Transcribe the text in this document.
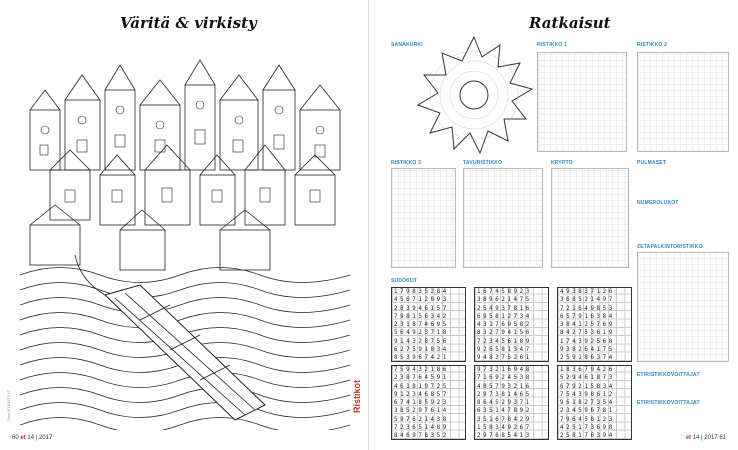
Väritä & virkisty
Teea KYBERTUS	Ristikot
60 et 14 | 2017
Ratkaisut
SANAKURKI	RISTIKKO 1	RISTIKKO 2
RISTIKKO 3	TAVURISTIKKO	KRYPTO	PULMASET
NUMEROLUKOT
ZETAPALKINTORISTIKKO
SUDOKUT
179835284
456712893
283946157
798156342
231874695
564923718
914328756
627591834
853967421
167458923
389621475
254937816
695812734
431769582
832794156
723456189
926581347
948375261
493837126
368521497
721649853
657916384
384125769
842753619
174392568
938264175
259186374
759432186
238764591
461819725
912346857
674185923
385297614
597621438
723651489
846978352
973216948
716924538
485793216
297381465
864529371
635147892
351678429
158349267
297685413
183679426
529461873
679215834
754398612
961827354
234596781
796458123
425173698
258176394
ETIRISTIKKOVOITTAJAT
ETIRISTIKKOVOITTAJAT
et 14 | 2017 61
